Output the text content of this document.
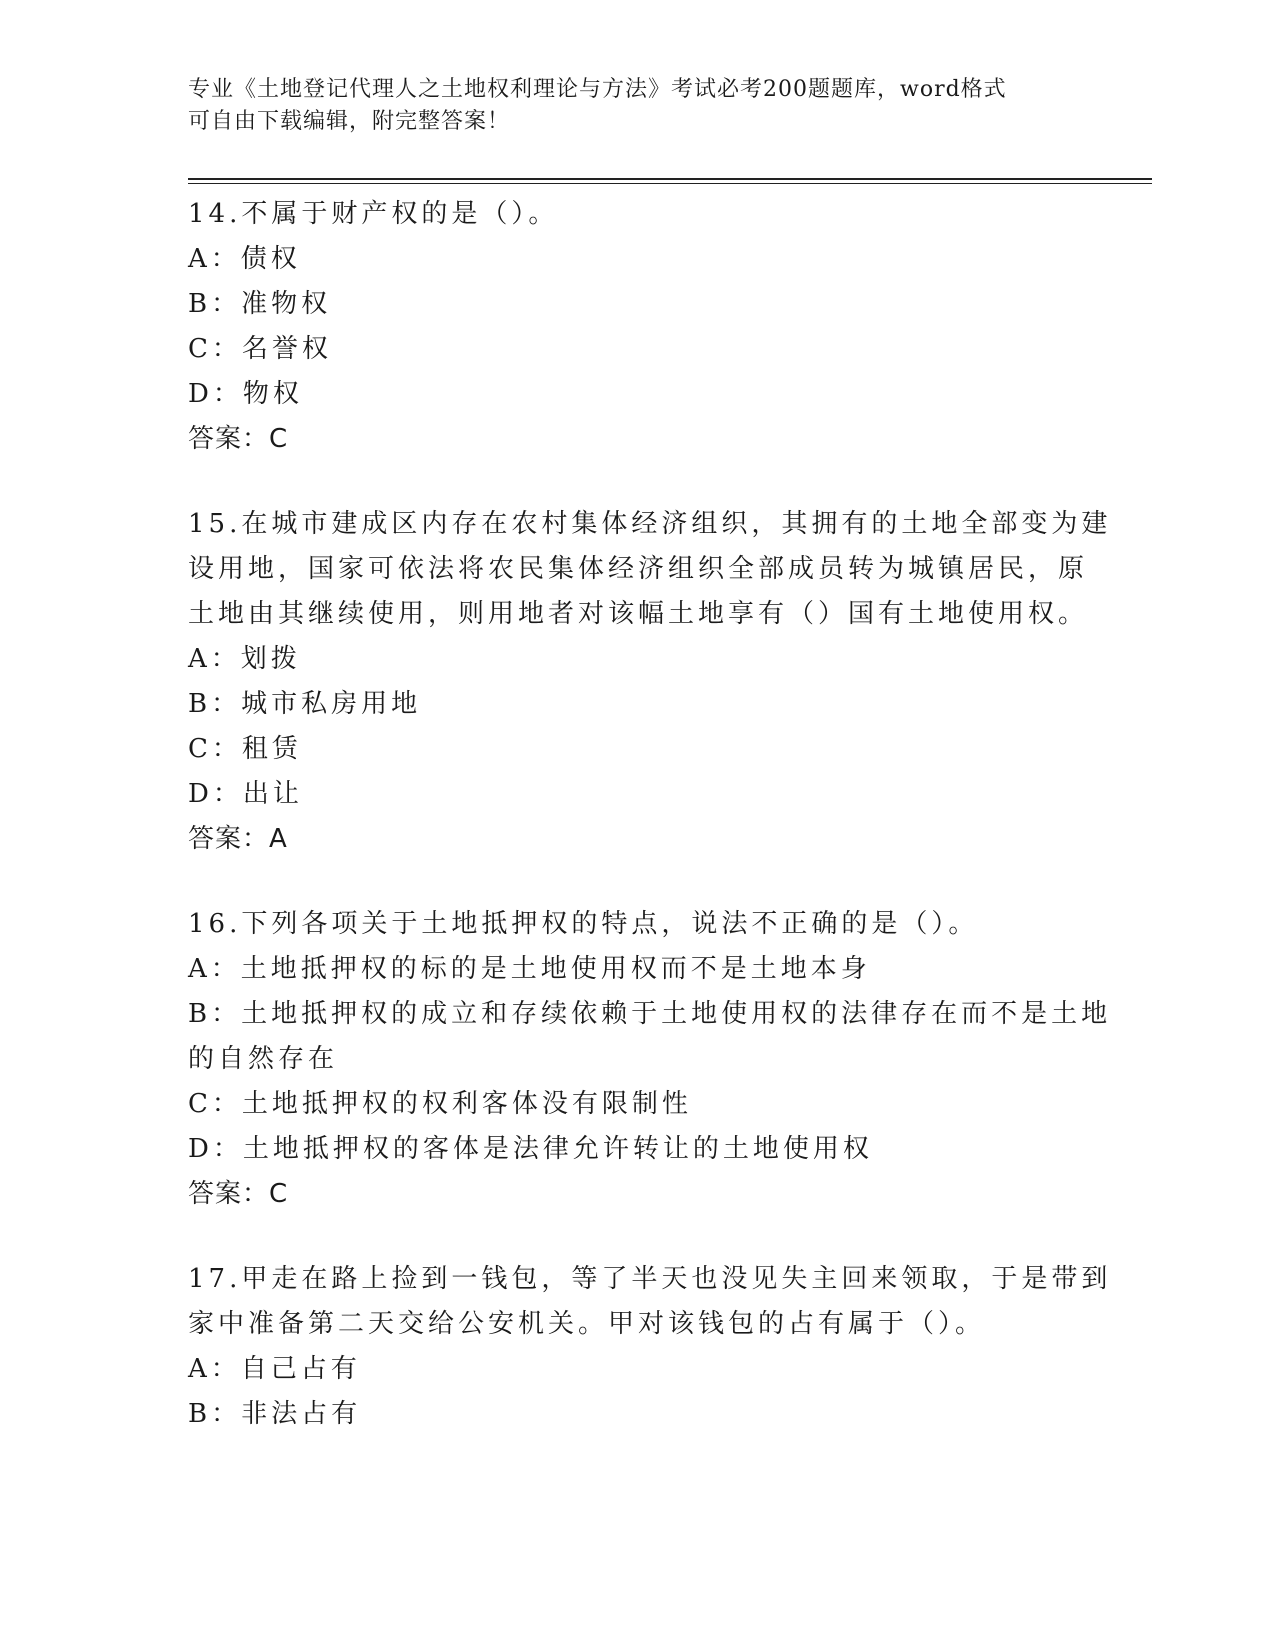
专业《土地登记代理人之土地权利理论与方法》考试必考200题题库，word格式
可自由下载编辑，附完整答案！
14.不属于财产权的是（）。
A：债权
B：准物权
C：名誉权
D：物权
答案：C
15.在城市建成区内存在农村集体经济组织，其拥有的土地全部变为建
设用地，国家可依法将农民集体经济组织全部成员转为城镇居民，原
土地由其继续使用，则用地者对该幅土地享有（）国有土地使用权。
A：划拨
B：城市私房用地
C：租赁
D：出让
答案：A
16.下列各项关于土地抵押权的特点，说法不正确的是（）。
A：土地抵押权的标的是土地使用权而不是土地本身
B：土地抵押权的成立和存续依赖于土地使用权的法律存在而不是土地
的自然存在
C：土地抵押权的权利客体没有限制性
D：土地抵押权的客体是法律允许转让的土地使用权
答案：C
17.甲走在路上捡到一钱包，等了半天也没见失主回来领取，于是带到
家中准备第二天交给公安机关。甲对该钱包的占有属于（）。
A：自己占有
B：非法占有
